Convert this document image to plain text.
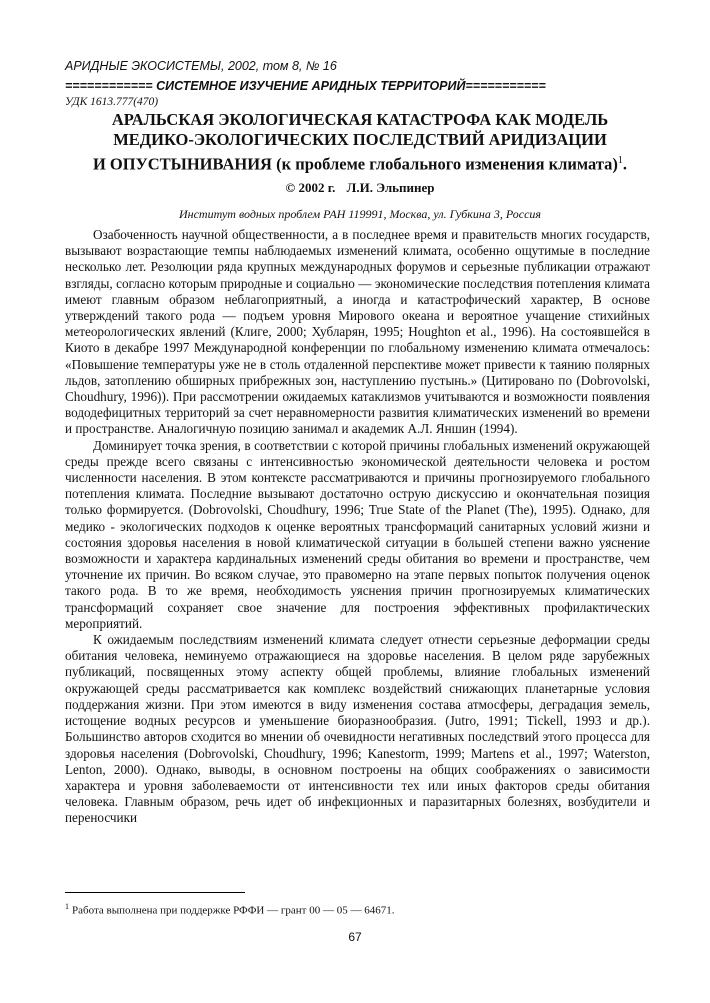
АРИДНЫЕ ЭКОСИСТЕМЫ, 2002, том 8, № 16
============ СИСТЕМНОЕ ИЗУЧЕНИЕ АРИДНЫХ ТЕРРИТОРИЙ===========
УДК 1613.777(470)
АРАЛЬСКАЯ ЭКОЛОГИЧЕСКАЯ КАТАСТРОФА КАК МОДЕЛЬ
МЕДИКО-ЭКОЛОГИЧЕСКИХ ПОСЛЕДСТВИЙ АРИДИЗАЦИИ
И ОПУСТЫНИВАНИЯ (к проблеме глобального изменения климата)$^1$.
© 2002 г. Л.И. Эльпинер
Институт водных проблем РАН 119991, Москва, ул. Губкина 3, Россия

Озабоченность научной общественности, а в последнее время и правительств многих государств, вызывают возрастающие темпы наблюдаемых изменений климата, особенно ощутимые в последние несколько лет. Резолюции ряда крупных международных форумов и серьезные публикации отражают взгляды, согласно которым природные и социально — экономические последствия потепления климата имеют главным образом неблагоприятный, а иногда и катастрофический характер, В основе утверждений такого рода — подъем уровня Мирового океана и вероятное учащение стихийных метеорологических явлений (Клиге, 2000; Хубларян, 1995; Houghton et al., 1996). На состоявшейся в Киото в декабре 1997 Международной конференции по глобальному изменению климата отмечалось: «Повышение температуры уже не в столь отдаленной перспективе может привести к таянию полярных льдов, затоплению обширных прибрежных зон, наступлению пустынь.» (Цитировано по (Dobrovolski, Choudhury, 1996)). При рассмотрении ожидаемых катаклизмов учитываются и возможности появления вододефицитных территорий за счет неравномерности развития климатических изменений во времени и пространстве. Аналогичную позицию занимал и академик А.Л. Яншин (1994).

Доминирует точка зрения, в соответствии с которой причины глобальных изменений окружающей среды прежде всего связаны с интенсивностью экономической деятельности человека и ростом численности населения. В этом контексте рассматриваются и причины прогнозируемого глобального потепления климата. Последние вызывают достаточно острую дискуссию и окончательная позиция только формируется. (Dobrovolski, Choudhury, 1996; True State of the Planet (The), 1995). Однако, для медико - экологических подходов к оценке вероятных трансформаций санитарных условий жизни и состояния здоровья населения в новой климатической ситуации в большей степени важно уяснение возможности и характера кардинальных изменений среды обитания во времени и пространстве, чем уточнение их причин. Во всяком случае, это правомерно на этапе первых попыток получения оценок такого рода. В то же время, необходимость уяснения причин прогнозируемых климатических трансформаций сохраняет свое значение для построения эффективных профилактических мероприятий.

К ожидаемым последствиям изменений климата следует отнести серьезные деформации среды обитания человека, неминуемо отражающиеся на здоровье населения. В целом ряде зарубежных публикаций, посвященных этому аспекту общей проблемы, влияние глобальных изменений окружающей среды рассматривается как комплекс воздействий снижающих планетарные условия поддержания жизни. При этом имеются в виду изменения состава атмосферы, деградация земель, истощение водных ресурсов и уменьшение биоразнообразия. (Jutro, 1991; Tickell, 1993 и др.). Большинство авторов сходится во мнении об очевидности негативных последствий этого процесса для здоровья населения (Dobrovolski, Choudhury, 1996; Kanestorm, 1999; Martens et al., 1997; Waterston, Lenton, 2000). Однако, выводы, в основном построены на общих соображениях о зависимости характера и уровня заболеваемости от интенсивности тех или иных факторов среды обитания человека. Главным образом, речь идет об инфекционных и паразитарных болезнях, возбудители и переносчики

$^1$ Работа выполнена при поддержке РФФИ — грант 00 — 05 — 64671.
67
